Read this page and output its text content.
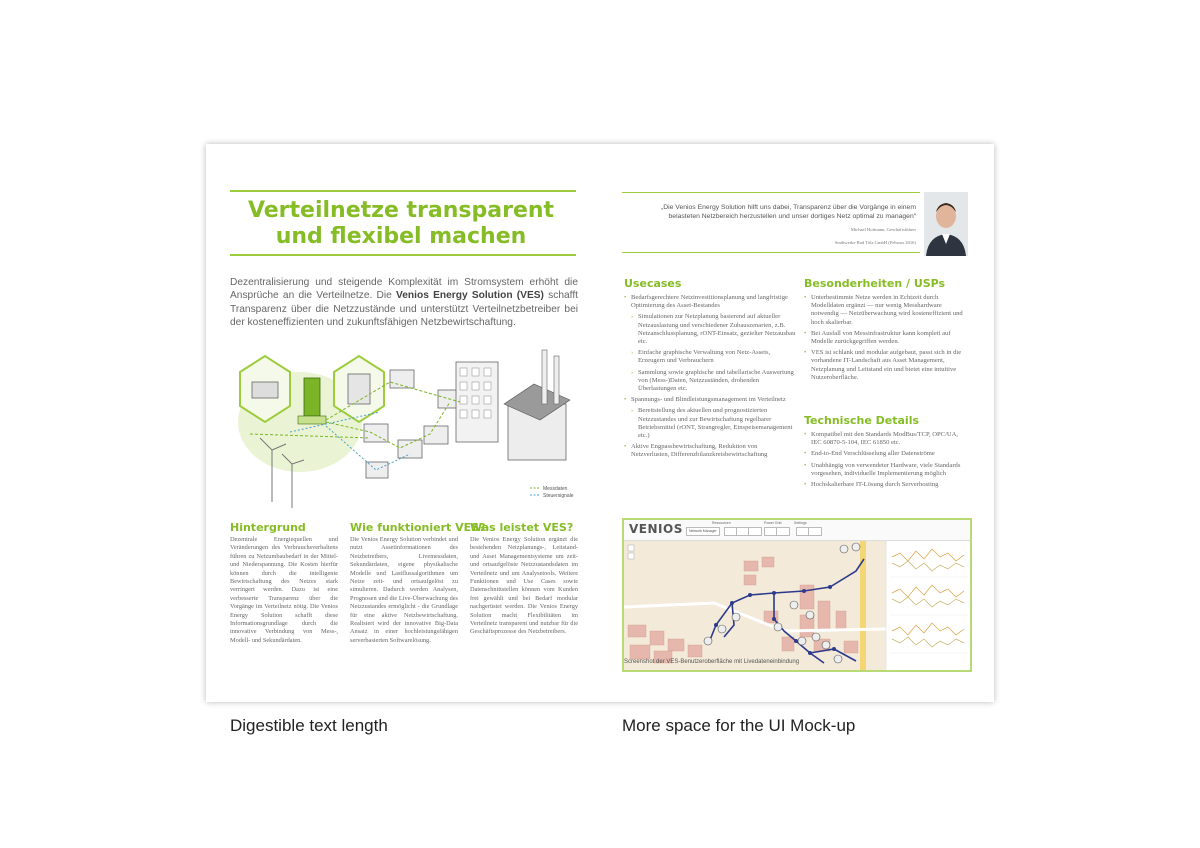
Verteilnetze transparent
und flexibel machen
Dezentralisierung und steigende Komplexität im Stromsystem erhöht die Ansprüche an die Verteilnetze. Die Venios Energy Solution (VES) schafft Transparenz über die Netzzustände und unterstützt Verteilnetzbetreiber bei der kosteneffizienten und zukunftsfähigen Netzbewirtschaftung.
Messdaten
Steuersignale
Hintergrund
Dezentrale Energiequellen und Veränderungen des Verbrauchsverhaltens führen zu Netzumbaubedarf in der Mittel- und Niederspannung. Die Kosten hierfür können durch die intelligente Bewirtschaftung des Netzes stark verringert werden. Dazu ist eine verbesserte Transparenz über die Vorgänge im Verteilnetz nötig. Die Venios Energy Solution schafft diese Informationsgrundlage durch die innovative Verbindung von Mess-, Modell- und Sekundärdaten.
Wie funktioniert VES?
Die Venios Energy Solution verbindet und nutzt Assetinformationen des Netzbetreibers, Livemessdaten, Sekundärdaten, eigene physikalische Modelle und Lastflussalgorithmen um Netze zeit- und ortsaufgelöst zu simulieren. Dadurch werden Analysen, Prognosen und die Live-Überwachung des Netzzustandes ermöglicht - die Grundlage für eine aktive Netzbewirtschaftung. Realisiert wird der innovative Big-Data Ansatz in einer hochleistungsfähigen serverbasierten Softwarelösung.
Was leistet VES?
Die Venios Energy Solution ergänzt die bestehenden Netzplanungs-, Leitstand- und Asset Managementsysteme um zeit- und ortsaufgelöste Netzzustandsdaten im Verteilnetz und um Analysetools. Weitere Funktionen und Use Cases sowie Datenschnittstellen können vom Kunden frei gewählt und bei Bedarf modular nachgerüstet werden. Die Venios Energy Solution macht Flexibilitäten im Verteilnetz transparent und nutzbar für die Geschäftsprozesse des Netzbetreibers.
„Die Venios Energy Solution hilft uns dabei, Transparenz über die Vorgänge in einem
belasteten Netzbereich herzustellen und unser dortiges Netz optimal zu managen“
Michael Hofmann, Geschäftsführer
Stadtwerke Bad Tölz GmbH (Februar 2016)
Usecases
• Bedarfsgerechtere Netzinvestitionsplanung und langfristige Optimierung des Asset-Bestandes
› Simulationen zur Netzplanung basierend auf aktueller Netzauslastung und verschiedener Zubauszenarien, z.B. Netzanschlussplanung, rONT-Einsatz, gezielter Netzausbau etc.
› Einfache graphische Verwaltung von Netz-Assets, Erzeugern und Verbrauchern
› Sammlung sowie graphische und tabellarische Auswertung von (Mess-)Daten, Netzzuständen, drohenden Überlastungen etc.
• Spannungs- und Blindleistungsmanagement im Verteilnetz
› Bereitstellung des aktuellen und prognostizierten Netzzustandes und zur Bewirtschaftung regelbarer Betriebsmittel (rONT, Strangregler, Einspeisemanagement etc.)
• Aktive Engpassbewirtschaftung, Reduktion von Netzverlusten, Differenzbilanzkreisbewirtschaftung
Besonderheiten / USPs
• Unterbestimmte Netze werden in Echtzeit durch Modelldaten ergänzt — nur wenig Messhardware notwendig — Netzüberwachung wird kosteneffizient und hoch skalierbar.
• Bei Ausfall von Messinfrastruktur kann komplett auf Modelle zurückgegriffen werden.
• VES ist schlank und modular aufgebaut, passt sich in die vorhandene IT-Landschaft aus Asset Management, Netzplanung und Leitstand ein und bietet eine intuitive Nutzeroberfläche.
Technische Details
• Kompatibel mit den Standards ModBus/TCP, OPC/UA, IEC 60870-5-104, IEC 61850 etc.
• End-to-End Verschlüsselung aller Datenströme
• Unabhängig von verwendeter Hardware, viele Standards vorgesehen, individuelle Implementierung möglich
• Hochskalierbare IT-Lösung durch Serverhosting
VENIOS	Ressourcen	Power Grid	Settings
Network Manager
Screenshot der VES-Benutzeroberfläche mit Livedateneinbindung
Digestible text length	More space for the UI Mock-up
